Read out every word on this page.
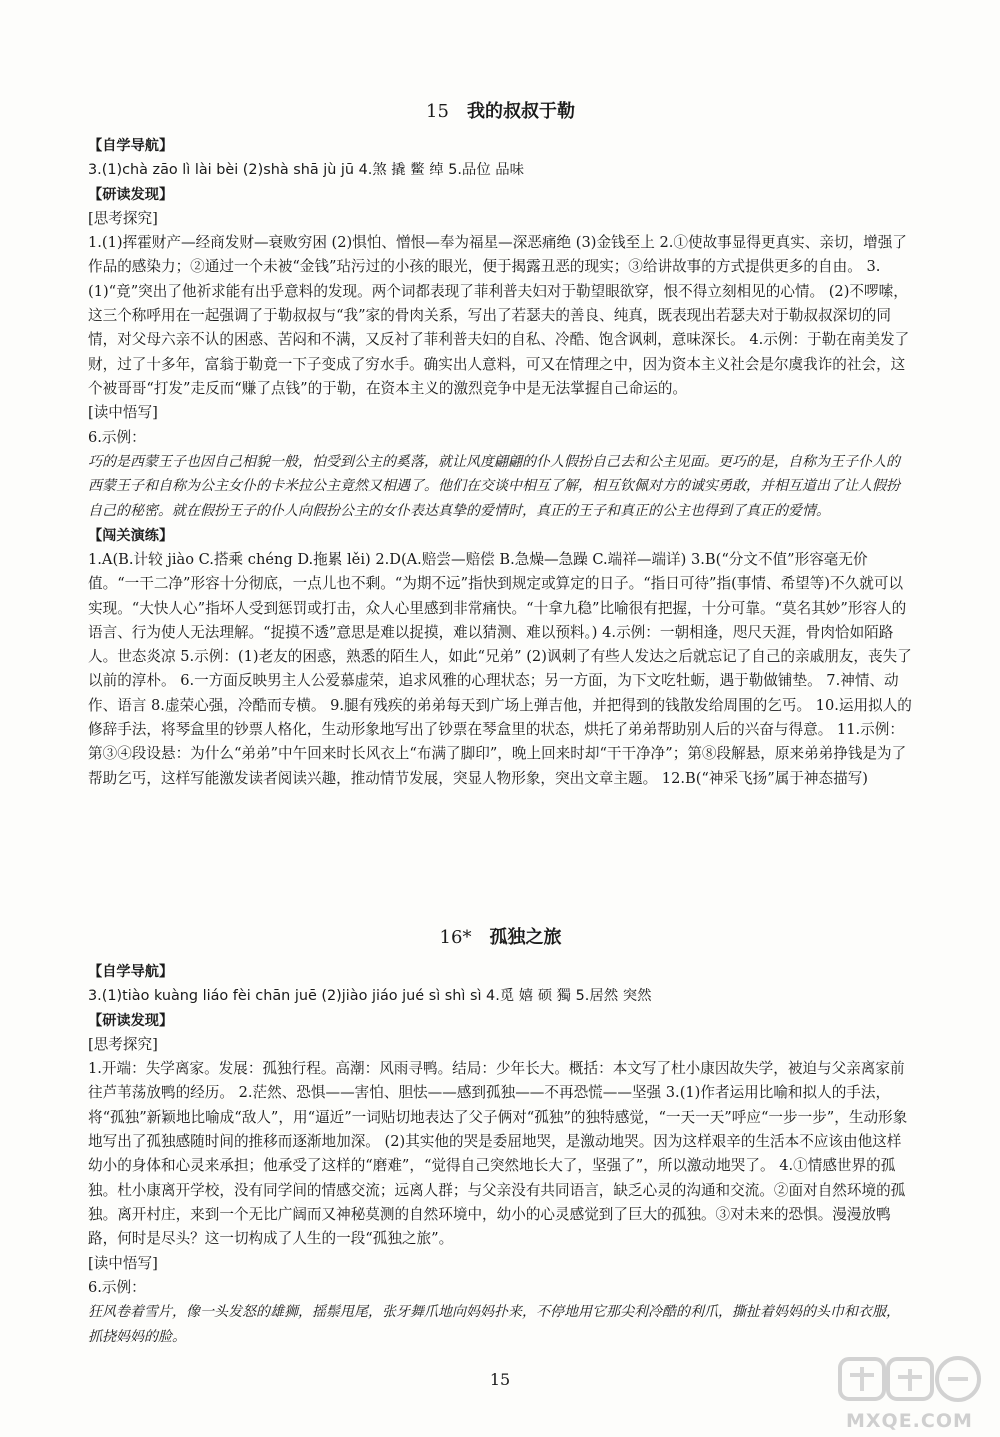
15 我的叔叔于勒

【自学导航】

3.(1)chà zāo lì lài bèi (2)shà shā jù jū 4.煞 撬 鳖 绰 5.品位 品味

【研读发现】

[思考探究]

1.(1)挥霍财产—经商发财—衰败穷困 (2)惧怕、憎恨—奉为福星—深恶痛绝 (3)金钱至上 2.①使故事显得更真实、亲切，增强了作品的感染力；②通过一个未被“金钱”玷污过的小孩的眼光，便于揭露丑恶的现实；③给讲故事的方式提供更多的自由。 3.(1)“竟”突出了他祈求能有出乎意料的发现。两个词都表现了菲利普夫妇对于勒望眼欲穿，恨不得立刻相见的心情。 (2)不啰嗦，这三个称呼用在一起强调了于勒叔叔与“我”家的骨肉关系，写出了若瑟夫的善良、纯真，既表现出若瑟夫对于勒叔叔深切的同情，对父母六亲不认的困惑、苦闷和不满，又反衬了菲利普夫妇的自私、冷酷、饱含讽刺，意味深长。 4.示例：于勒在南美发了财，过了十多年，富翁于勒竟一下子变成了穷水手。确实出人意料，可又在情理之中，因为资本主义社会是尔虞我诈的社会，这个被哥哥“打发”走反而“赚了点钱”的于勒，在资本主义的激烈竞争中是无法掌握自己命运的。

[读中悟写]

6.示例：

巧的是西蒙王子也因自己相貌一般，怕受到公主的奚落，就让风度翩翩的仆人假扮自己去和公主见面。更巧的是，自称为王子仆人的西蒙王子和自称为公主女仆的卡米拉公主竟然又相遇了。他们在交谈中相互了解，相互钦佩对方的诚实勇敢，并相互道出了让人假扮自己的秘密。就在假扮王子的仆人向假扮公主的女仆表达真挚的爱情时，真正的王子和真正的公主也得到了真正的爱情。

【闯关演练】

1.A(B.计较 jiào C.搭乘 chéng D.拖累 lěi) 2.D(A.赔尝—赔偿 B.急燥—急躁 C.端祥—端详) 3.B(“分文不值”形容毫无价值。“一干二净”形容十分彻底，一点儿也不剩。“为期不远”指快到规定或算定的日子。“指日可待”指(事情、希望等)不久就可以实现。“大快人心”指坏人受到惩罚或打击，众人心里感到非常痛快。“十拿九稳”比喻很有把握，十分可靠。“莫名其妙”形容人的语言、行为使人无法理解。“捉摸不透”意思是难以捉摸，难以猜测、难以预料。) 4.示例：一朝相逢，咫尺天涯，骨肉恰如陌路人。世态炎凉 5.示例：(1)老友的困惑，熟悉的陌生人，如此“兄弟” (2)讽刺了有些人发达之后就忘记了自己的亲戚朋友，丧失了以前的淳朴。 6.一方面反映男主人公爱慕虚荣，追求风雅的心理状态；另一方面，为下文吃牡蛎，遇于勒做铺垫。 7.神情、动作、语言 8.虚荣心强，冷酷而专横。 9.腿有残疾的弟弟每天到广场上弹吉他，并把得到的钱散发给周围的乞丐。 10.运用拟人的修辞手法，将琴盒里的钞票人格化，生动形象地写出了钞票在琴盒里的状态，烘托了弟弟帮助别人后的兴奋与得意。 11.示例：第③④段设悬：为什么“弟弟”中午回来时长风衣上“布满了脚印”，晚上回来时却“干干净净”；第⑧段解悬，原来弟弟挣钱是为了帮助乞丐，这样写能激发读者阅读兴趣，推动情节发展，突显人物形象，突出文章主题。 12.B(“神采飞扬”属于神态描写)

16* 孤独之旅

【自学导航】

3.(1)tiào kuàng liáo fèi chān juē (2)jiào jiáo jué sì shì sì 4.觅 嬉 硕 獨 5.居然 突然

【研读发现】

[思考探究]

1.开端：失学离家。发展：孤独行程。高潮：风雨寻鸭。结局：少年长大。概括：本文写了杜小康因故失学，被迫与父亲离家前往芦苇荡放鸭的经历。 2.茫然、恐惧——害怕、胆怯——感到孤独——不再恐慌——坚强 3.(1)作者运用比喻和拟人的手法，将“孤独”新颖地比喻成“敌人”，用“逼近”一词贴切地表达了父子俩对“孤独”的独特感觉，“一天一天”呼应“一步一步”，生动形象地写出了孤独感随时间的推移而逐渐地加深。 (2)其实他的哭是委屈地哭，是激动地哭。因为这样艰辛的生活本不应该由他这样幼小的身体和心灵来承担；他承受了这样的“磨难”，“觉得自己突然地长大了，坚强了”，所以激动地哭了。 4.①情感世界的孤独。杜小康离开学校，没有同学间的情感交流；远离人群；与父亲没有共同语言，缺乏心灵的沟通和交流。②面对自然环境的孤独。离开村庄，来到一个无比广阔而又神秘莫测的自然环境中，幼小的心灵感觉到了巨大的孤独。③对未来的恐惧。漫漫放鸭路，何时是尽头？这一切构成了人生的一段“孤独之旅”。

[读中悟写]

6.示例：

狂风卷着雪片，像一头发怒的雄狮，摇鬃甩尾，张牙舞爪地向妈妈扑来，不停地用它那尖利冷酷的利爪，撕扯着妈妈的头巾和衣服，抓挠妈妈的脸。

15
MXQE.COM
